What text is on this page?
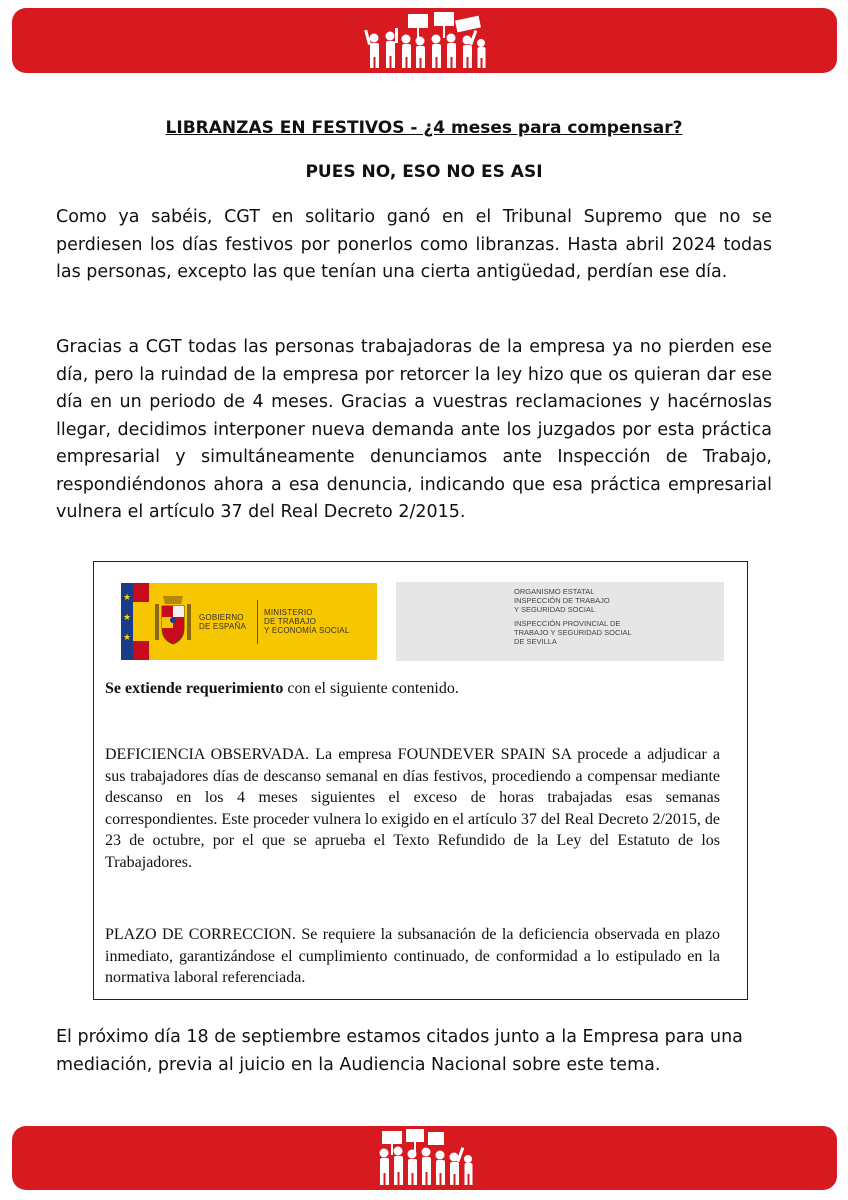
LIBRANZAS EN FESTIVOS - ¿4 meses para compensar?
PUES NO, ESO NO ES ASI

Como ya sabéis, CGT en solitario ganó en el Tribunal Supremo que no se perdiesen los días festivos por ponerlos como libranzas. Hasta abril 2024 todas las personas, excepto las que tenían una cierta antigüedad, perdían ese día.

Gracias a CGT todas las personas trabajadoras de la empresa ya no pierden ese día, pero la ruindad de la empresa por retorcer la ley hizo que os quieran dar ese día en un periodo de 4 meses. Gracias a vuestras reclamaciones y hacérnoslas llegar, decidimos interponer nueva demanda ante los juzgados por esta práctica empresarial y simultáneamente denunciamos ante Inspección de Trabajo, respondiéndonos ahora a esa denuncia, indicando que esa práctica empresarial vulnera el artículo 37 del Real Decreto 2/2015.

★
★
★
GOBIERNO
DE ESPAÑA
MINISTERIO
DE TRABAJO
Y ECONOMÍA SOCIAL
ORGANISMO ESTATAL
INSPECCIÓN DE TRABAJO
Y SEGURIDAD SOCIAL
INSPECCIÓN PROVINCIAL DE
TRABAJO Y SEGURIDAD SOCIAL
DE SEVILLA

Se extiende requerimiento con el siguiente contenido.

DEFICIENCIA OBSERVADA. La empresa FOUNDEVER SPAIN SA procede a adjudicar a sus trabajadores días de descanso semanal en días festivos, procediendo a compensar mediante descanso en los 4 meses siguientes el exceso de horas trabajadas esas semanas correspondientes. Este proceder vulnera lo exigido en el artículo 37 del Real Decreto 2/2015, de 23 de octubre, por el que se aprueba el Texto Refundido de la Ley del Estatuto de los Trabajadores.

PLAZO DE CORRECCION. Se requiere la subsanación de la deficiencia observada en plazo inmediato, garantizándose el cumplimiento continuado, de conformidad a lo estipulado en la normativa laboral referenciada.

El próximo día 18 de septiembre estamos citados junto a la Empresa para una mediación, previa al juicio en la Audiencia Nacional sobre este tema.
